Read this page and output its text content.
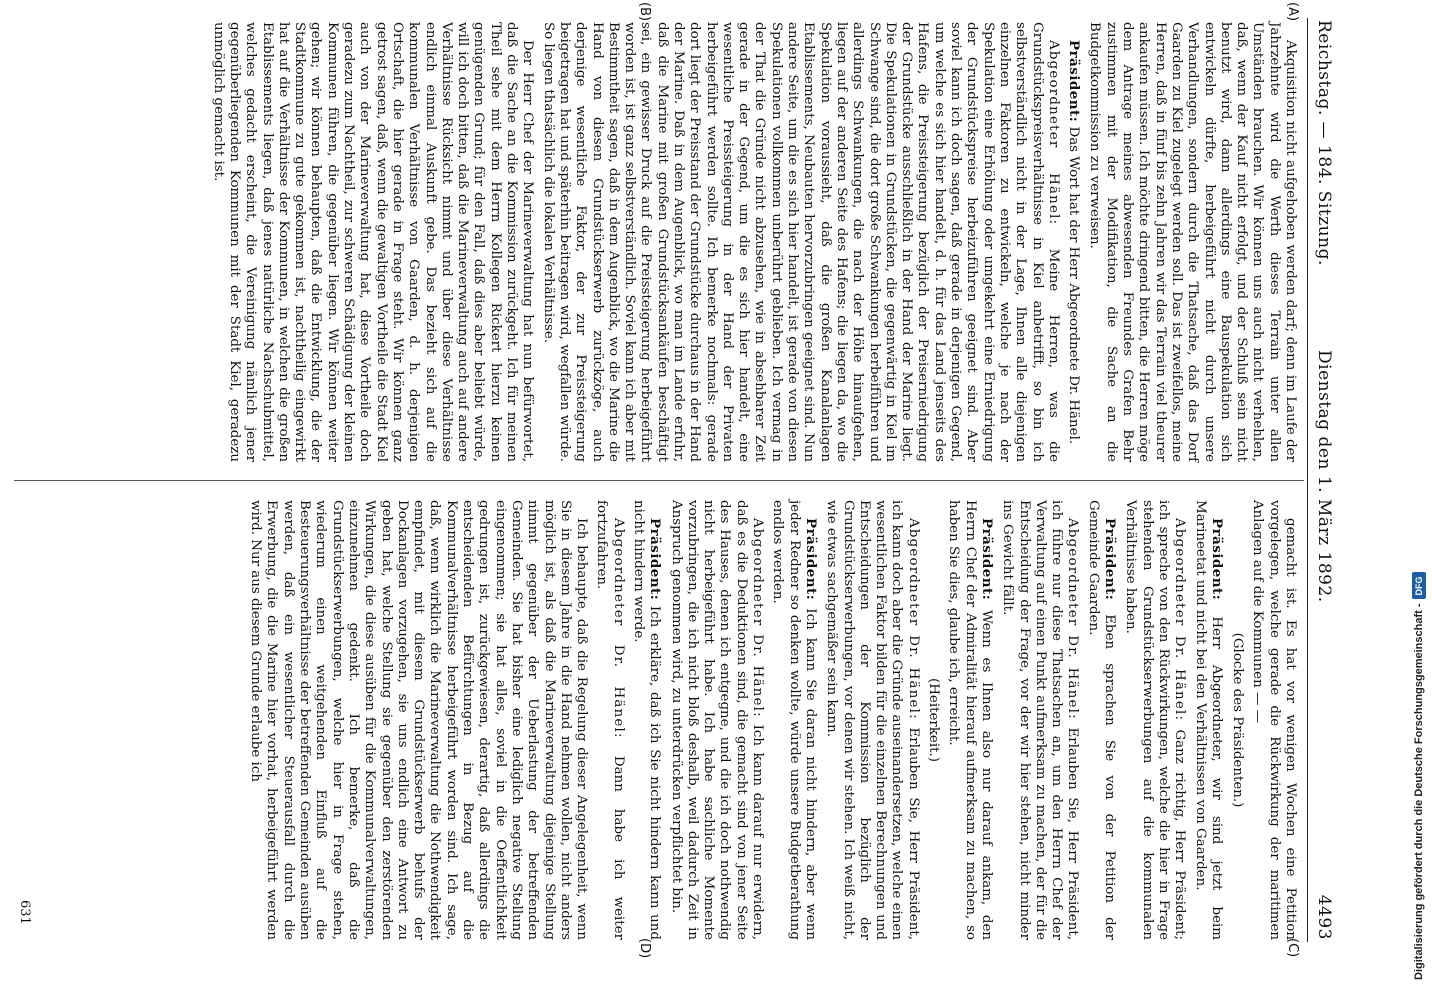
Reichstag. — 184. Sitzung.
Dienstag den 1. März 1892.
4493
(A)
(B)
(C)
(D)

Akquisition nicht aufgehoben werden darf; denn im Laufe der Jahrzehnte wird die Werth dieses Terrain unter allen Umständen brauchen. Wir können uns auch nicht verhehlen, daß, wenn der Kauf nicht erfolgt, und der Schluß sein nicht benutzt wird, dann allerdings eine Bauspekulation sich entwickeln dürfte, herbeigeführt nicht durch unsere Verhandlungen, sondern durch die Thatsache, daß das Dorf Gaarden zu Kiel zugelegt werden soll. Das ist zweifellos, meine Herren, daß in fünf bis zehn Jahren wir das Terrain viel theurer ankaufen müssen. Ich möchte dringend bitten, die Herren möge dem Antrage meines abwesenden Freundes Grafen Behr zustimmen mit der Modifikation, die Sache an die Budgetkommission zu verweisen.

Präsident: Das Wort hat der Herr Abgeordnete Dr. Hänel.

Abgeordneter Hänel: Meine Herren, was die Grundstückspreisverhältnisse in Kiel anbetrifft, so bin ich selbstverständlich nicht in der Lage, Ihnen alle diejenigen einzelnen Faktoren zu entwickeln, welche je nach der Spekulation eine Erhöhung oder umgekehrt eine Erniedrigung der Grundstückspreise herbeizuführen geeignet sind. Aber soviel kann ich doch sagen, daß gerade in derjenigen Gegend, um welche es sich hier handelt, d. h. für das Land jenseits des Hafens, die Preissteigerung bezüglich der Preiserniedrigung der Grundstücke ausschließlich in der Hand der Marine liegt. Die Spekulationen in Grundstücken, die gegenwärtig in Kiel im Schwange sind, die dort große Schwankungen herbeiführen und allerdings Schwankungen, die nach der Höhe hinaufgehen, liegen auf der anderen Seite des Hafens; die liegen da, wo die Spekulation voraussieht, daß die großen Kanalanlagen Etablissements, Neubauten hervorzubringen geeignet sind. Nun andere Seite, um die es sich hier handelt, ist gerade von diesen Spekulationen vollkommen unberührt geblieben. Ich vermag in der That die Gründe nicht abzusehen, wie in absehbarer Zeit gerade in der Gegend, um die es sich hier handelt, eine wesentliche Preissteigerung in der Hand der Privaten herbeigeführt werden sollte. Ich bemerke nochmals: gerade dort liegt der Preisstand der Grundstücke durchaus in der Hand der Marine. Daß in dem Augenblick, wo man im Lande erfuhr, daß die Marine mit großen Grundstücksankäufen beschäftigt sei, ein gewisser Druck auf die Preissteigerung herbeigeführt worden ist, ist ganz selbstverständlich. Soviel kann ich aber mit Bestimmtheit sagen, daß in dem Augenblick, wo die Marine die Hand von diesen Grundstückserwerb zurückzöge, auch derjenige wesentliche Faktor, der zur Preissteigerung beigetragen hat und späterhin beitragen wird, wegfallen würde. So liegen thatsächlich die lokalen Verhältnisse.

Der Herr Chef der Marineverwaltung hat nun befürwortet, daß die Sache an die Kommission zurückgeht. Ich für meinen Theil sehe mit dem Herrn Kollegen Rickert hierzu keinen genügenden Grund; für den Fall, daß dies aber beliebt würde, will ich doch bitten, daß die Marineverwaltung auch auf andere Verhältnisse Rücksicht nimmt und über diese Verhältnisse endlich einmal Auskunft gebe. Das bezieht sich auf die kommunalen Verhältnisse von Gaarden, d. h. derjenigen Ortschaft, die hier gerade in Frage steht. Wir können ganz getrost sagen, daß, wenn die gewaltigen Vortheile die Stadt Kiel auch von der Marineverwaltung hat, diese Vortheile doch geradezu zum Nachtheil, zur schweren Schädigung der kleinen Kommunen führen, die gegenüber liegen. Wir können weiter gehen; wir können behaupten, daß die Entwicklung, die der Stadtkommune zu gute gekommen ist, nachtheilig eingewirkt hat auf die Verhältnisse der Kommunen, in welchen die großen Etablissements liegen, daß jenes natürliche Nachschubmittel, welches gedacht erscheint, die Vereinigung nämlich jener gegenüberliegenden Kommunen mit der Stadt Kiel, geradezu unmöglich gemacht ist.

gemacht ist. Es hat vor wenigen Wochen eine Petition vorgelegen, welche gerade die Rückwirkung der maritimen Anlagen auf die Kommunen — —

(Glocke des Präsidenten.)

Präsident: Herr Abgeordneter, wir sind jetzt beim Marineetat und nicht bei den Verhältnissen von Gaarden.

Abgeordneter Dr. Hänel: Ganz richtig, Herr Präsident; ich spreche von den Rückwirkungen, welche die hier in Frage stehenden Grundstückserwerbungen auf die kommunalen Verhältnisse haben.

Präsident: Eben sprachen Sie von der Petition der Gemeinde Gaarden.

Abgeordneter Dr. Hänel: Erlauben Sie, Herr Präsident, ich führe nur diese Thatsachen an, um den Herrn Chef der Verwaltung auf einen Punkt aufmerksam zu machen, der für die Entscheidung der Frage, vor der wir hier stehen, nicht minder ins Gewicht fällt.

Präsident: Wenn es Ihnen also nur darauf ankam, den Herrn Chef der Admiralität hierauf aufmerksam zu machen, so haben Sie dies, glaube ich, erreicht.

(Heiterkeit.)

Abgeordneter Dr. Hänel: Erlauben Sie, Herr Präsident, ich kann doch aber die Gründe auseinandersetzen, welche einen wesentlichen Faktor bilden für die einzelnen Berechnungen und Entscheidungen der Kommission bezüglich der Grundstückserwerbungen, vor denen wir stehen. Ich weiß nicht, wie etwas sachgemäßer sein kann.

Präsident: Ich kann Sie daran nicht hindern, aber wenn jeder Redner so denken wollte, würde unsere Budgetberathung endlos werden.

Abgeordneter Dr. Hänel: Ich kann darauf nur erwidern, daß es die Deduktionen sind, die gemacht sind von jener Seite des Hauses, denen ich entgegne, und die ich doch nothwendig nicht herbeigeführt habe. Ich habe sachliche Momente vorzubringen, die ich nicht bloß deshalb, weil dadurch Zeit in Anspruch genommen wird, zu unterdrücken verpflichtet bin.

Präsident: Ich erkläre, daß ich Sie nicht hindern kann und nicht hindern werde.

Abgeordneter Dr. Hänel: Dann habe ich weiter fortzufahren.

Ich behaupte, daß die Regelung dieser Angelegenheit, wenn Sie in diesem Jahre in die Hand nehmen wollen, nicht anders möglich ist, als daß die Marineverwaltung diejenige Stellung nimmt gegenüber der Ueberlastung der betreffenden Gemeinden. Sie hat bisher eine lediglich negative Stellung eingenommen; sie hat alles, soviel in die Oeffentlichkeit gedrungen ist, zurückgewiesen, derartig, daß allerdings die entscheidenden Befürchtungen in Bezug auf die Kommunalverhältnisse herbeigeführt worden sind. Ich sage, daß, wenn wirklich die Marineverwaltung die Nothwendigkeit empfindet, mit diesem Grundstückserwerb behufs der Dockanlagen vorzugehen, sie uns endlich eine Antwort zu geben hat, welche Stellung sie gegenüber den zerstörenden Wirkungen, die diese ausüben für die Kommunalverwaltungen, einzunehmen gedenkt. Ich bemerke, daß die Grundstückserwerbungen, welche hier in Frage stehen, wiederum einen weitgehenden Einfluß auf die Besteuerungsverhältnisse der betreffenden Gemeinden ausüben werden, daß ein wesentlicher Steuerausfall durch die Erwerbung, die die Marine hier vorhat, herbeigeführt werden wird. Nur aus diesem Grunde erlaube ich

631	Digitalisierung gefördert durch die Deutsche Forschungsgemeinschaft -DFG
